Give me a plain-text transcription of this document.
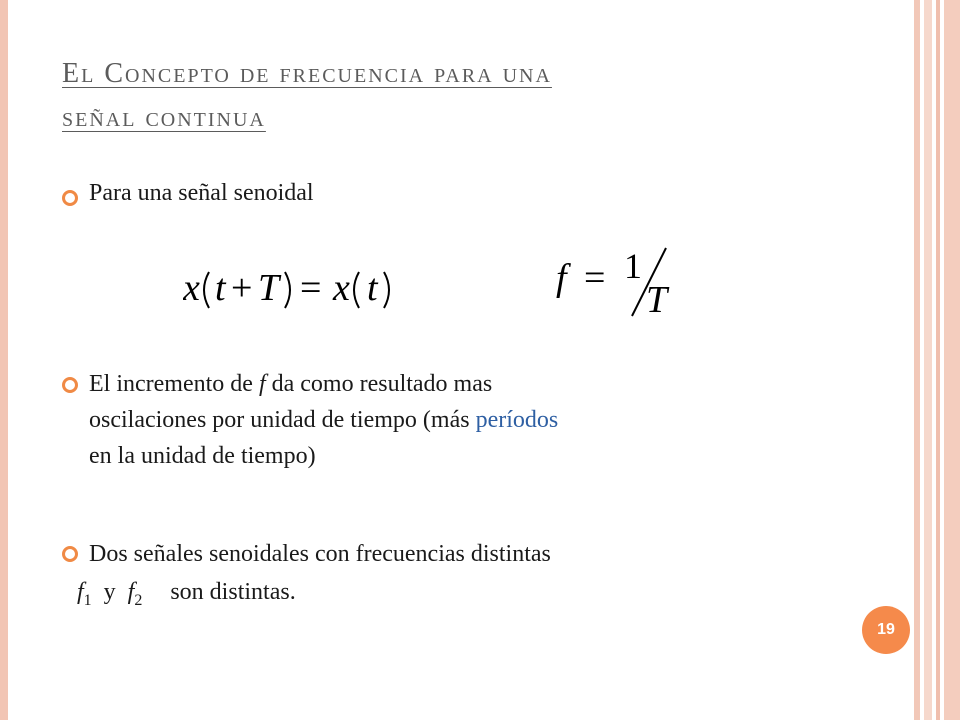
El Concepto de frecuencia para una
señal continua
Para una señal senoidal
x t + T = x t	f = 1
T
El incremento de f da como resultado mas
oscilaciones por unidad de tiempo (más períodos
en la unidad de tiempo)
Dos señales senoidales con frecuencias distintas
$f_1$ y $f_2$ son distintas.
19
